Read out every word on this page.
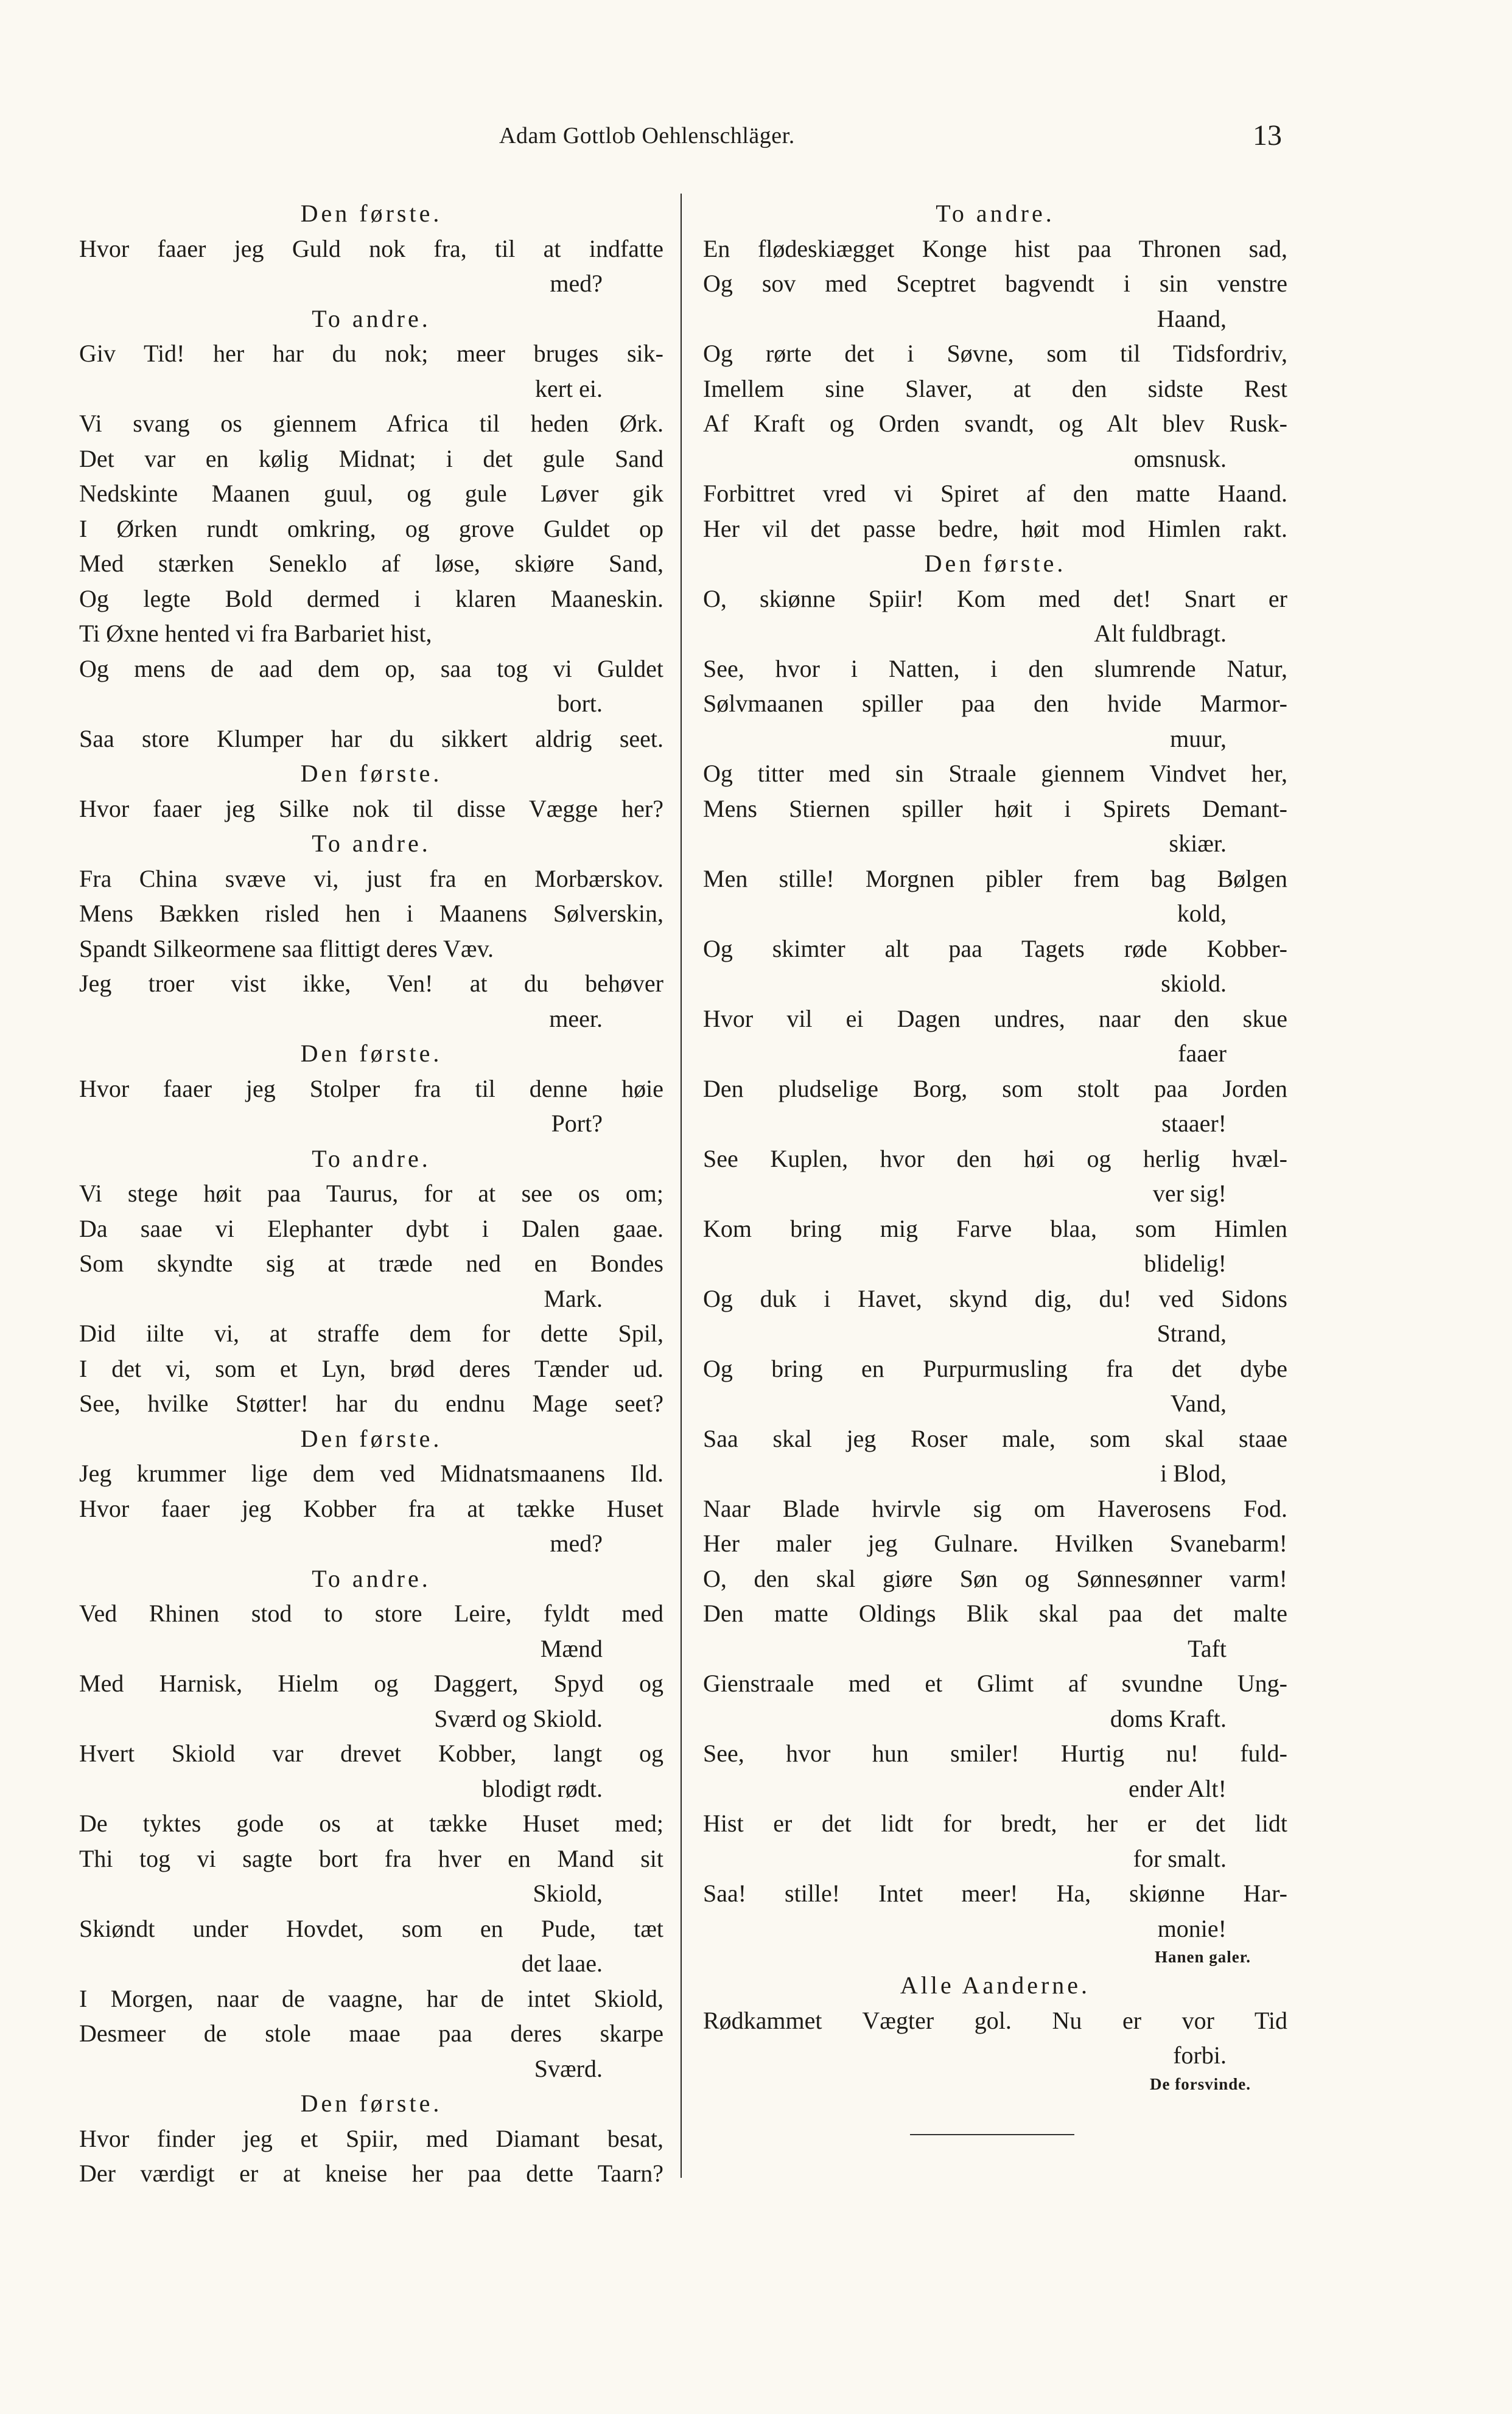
Adam Gottlob Oehlenschläger.	13
Den første.
Hvor faaer jeg Guld nok fra, til at indfatte
med?
To andre.
Giv Tid! her har du nok; meer bruges sik-
kert ei.
Vi svang os giennem Africa til heden Ørk.
Det var en kølig Midnat; i det gule Sand
Nedskinte Maanen guul, og gule Løver gik
I Ørken rundt omkring, og grove Guldet op
Med stærken Seneklo af løse, skiøre Sand,
Og legte Bold dermed i klaren Maaneskin.
Ti Øxne hented vi fra Barbariet hist,
Og mens de aad dem op, saa tog vi Guldet
bort.
Saa store Klumper har du sikkert aldrig seet.
Den første.
Hvor faaer jeg Silke nok til disse Vægge her?
To andre.
Fra China svæve vi, just fra en Morbærskov.
Mens Bækken risled hen i Maanens Sølverskin,
Spandt Silkeormene saa flittigt deres Væv.
Jeg troer vist ikke, Ven! at du behøver
meer.
Den første.
Hvor faaer jeg Stolper fra til denne høie
Port?
To andre.
Vi stege høit paa Taurus, for at see os om;
Da saae vi Elephanter dybt i Dalen gaae.
Som skyndte sig at træde ned en Bondes
Mark.
Did iilte vi, at straffe dem for dette Spil,
I det vi, som et Lyn, brød deres Tænder ud.
See, hvilke Støtter! har du endnu Mage seet?
Den første.
Jeg krummer lige dem ved Midnatsmaanens Ild.
Hvor faaer jeg Kobber fra at tække Huset
med?
To andre.
Ved Rhinen stod to store Leire, fyldt med
Mænd
Med Harnisk, Hielm og Daggert, Spyd og
Sværd og Skiold.
Hvert Skiold var drevet Kobber, langt og
blodigt rødt.
De tyktes gode os at tække Huset med;
Thi tog vi sagte bort fra hver en Mand sit
Skiold,
Skiøndt under Hovdet, som en Pude, tæt
det laae.
I Morgen, naar de vaagne, har de intet Skiold,
Desmeer de stole maae paa deres skarpe
Sværd.
Den første.
Hvor finder jeg et Spiir, med Diamant besat,
Der værdigt er at kneise her paa dette Taarn?
To andre.
En flødeskiægget Konge hist paa Thronen sad,
Og sov med Sceptret bagvendt i sin venstre
Haand,
Og rørte det i Søvne, som til Tidsfordriv,
Imellem sine Slaver, at den sidste Rest
Af Kraft og Orden svandt, og Alt blev Rusk-
omsnusk.
Forbittret vred vi Spiret af den matte Haand.
Her vil det passe bedre, høit mod Himlen rakt.
Den første.
O, skiønne Spiir! Kom med det! Snart er
Alt fuldbragt.
See, hvor i Natten, i den slumrende Natur,
Sølvmaanen spiller paa den hvide Marmor-
muur,
Og titter med sin Straale giennem Vindvet her,
Mens Stiernen spiller høit i Spirets Demant-
skiær.
Men stille! Morgnen pibler frem bag Bølgen
kold,
Og skimter alt paa Tagets røde Kobber-
skiold.
Hvor vil ei Dagen undres, naar den skue
faaer
Den pludselige Borg, som stolt paa Jorden
staaer!
See Kuplen, hvor den høi og herlig hvæl-
ver sig!
Kom bring mig Farve blaa, som Himlen
blidelig!
Og duk i Havet, skynd dig, du! ved Sidons
Strand,
Og bring en Purpurmusling fra det dybe
Vand,
Saa skal jeg Roser male, som skal staae
i Blod,
Naar Blade hvirvle sig om Haverosens Fod.
Her maler jeg Gulnare. Hvilken Svanebarm!
O, den skal giøre Søn og Sønnesønner varm!
Den matte Oldings Blik skal paa det malte
Taft
Gienstraale med et Glimt af svundne Ung-
doms Kraft.
See, hvor hun smiler! Hurtig nu! fuld-
ender Alt!
Hist er det lidt for bredt, her er det lidt
for smalt.
Saa! stille! Intet meer! Ha, skiønne Har-
monie!
Hanen galer.
Alle Aanderne.
Rødkammet Vægter gol. Nu er vor Tid
forbi.
De forsvinde.
